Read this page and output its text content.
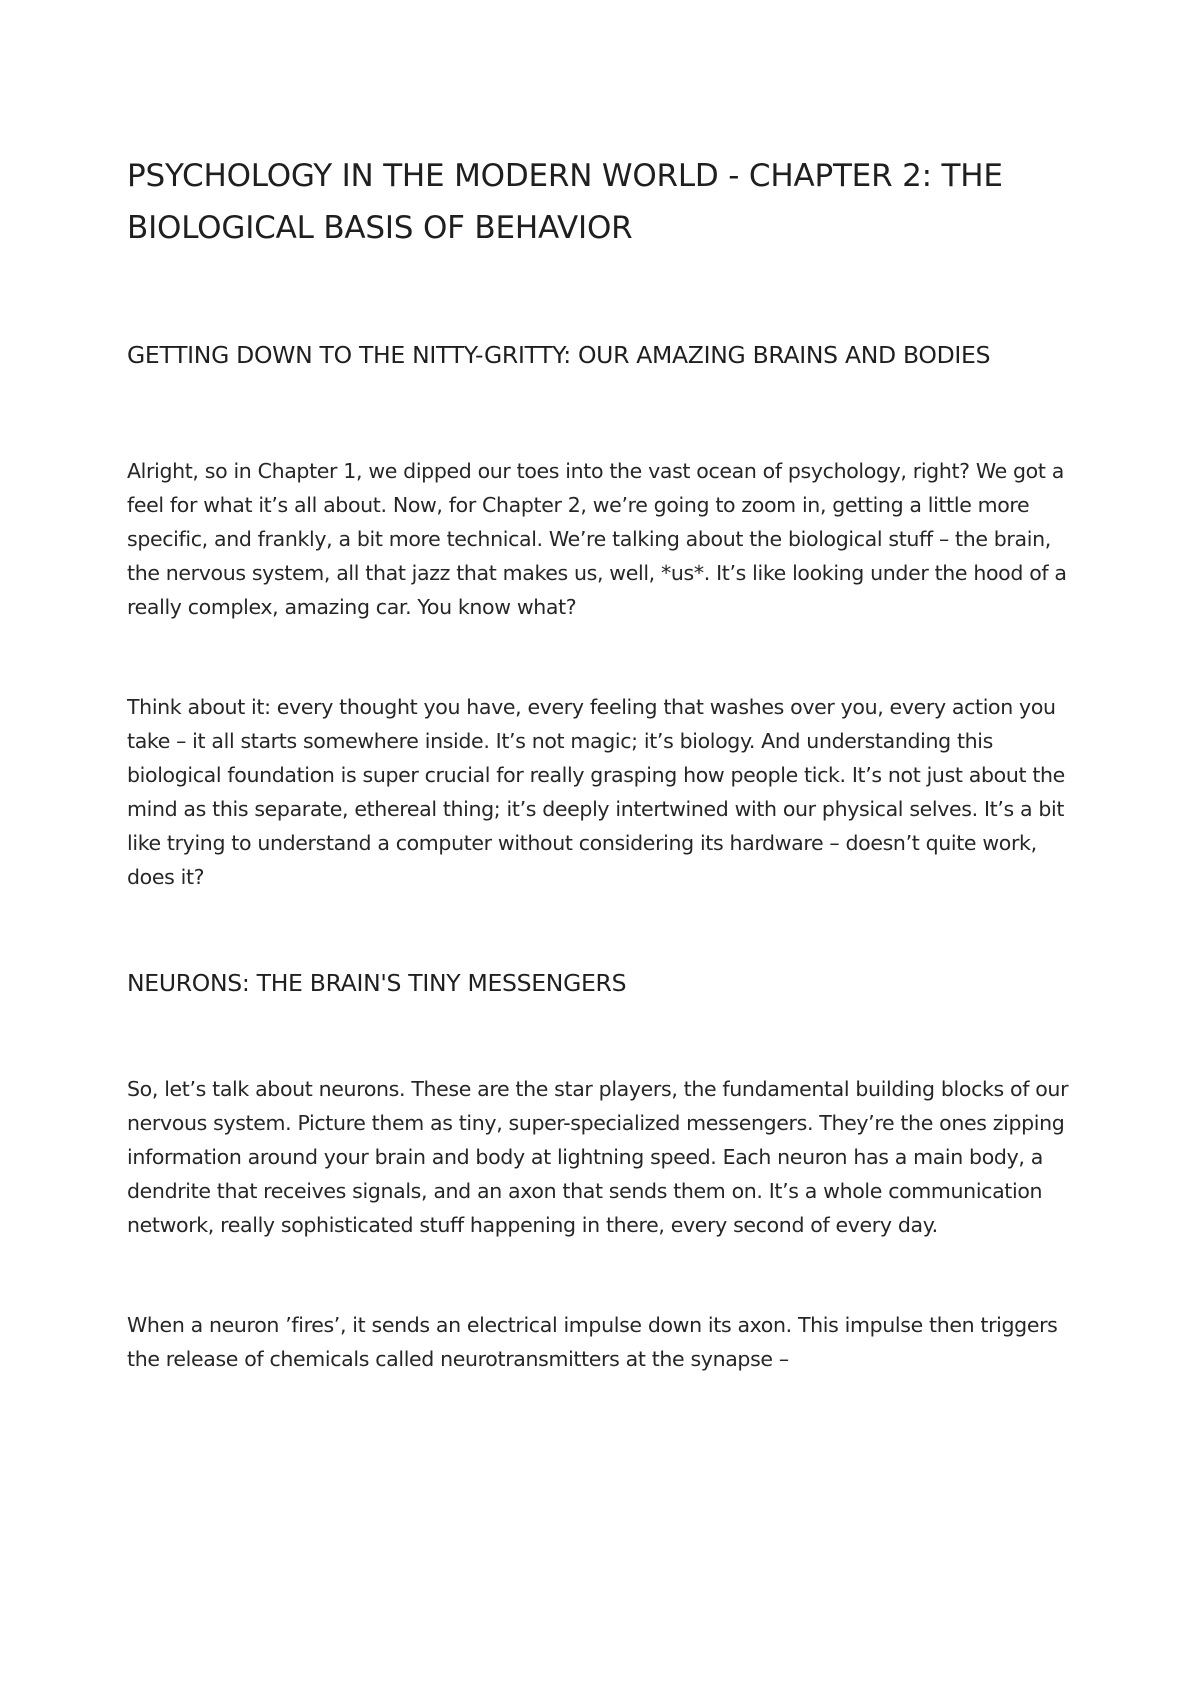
PSYCHOLOGY IN THE MODERN WORLD - CHAPTER 2: THE BIOLOGICAL BASIS OF BEHAVIOR
GETTING DOWN TO THE NITTY-GRITTY: OUR AMAZING BRAINS AND BODIES

Alright, so in Chapter 1, we dipped our toes into the vast ocean of psychology, right? We got a feel for what it’s all about. Now, for Chapter 2, we’re going to zoom in, getting a little more specific, and frankly, a bit more technical. We’re talking about the biological stuff – the brain, the nervous system, all that jazz that makes us, well, *us*. It’s like looking under the hood of a really complex, amazing car. You know what?

Think about it: every thought you have, every feeling that washes over you, every action you take – it all starts somewhere inside. It’s not magic; it’s biology. And understanding this biological foundation is super crucial for really grasping how people tick. It’s not just about the mind as this separate, ethereal thing; it’s deeply intertwined with our physical selves. It’s a bit like trying to understand a computer without considering its hardware – doesn’t quite work, does it?

NEURONS: THE BRAIN'S TINY MESSENGERS

So, let’s talk about neurons. These are the star players, the fundamental building blocks of our nervous system. Picture them as tiny, super-specialized messengers. They’re the ones zipping information around your brain and body at lightning speed. Each neuron has a main body, a dendrite that receives signals, and an axon that sends them on. It’s a whole communication network, really sophisticated stuff happening in there, every second of every day.

When a neuron ’fires’, it sends an electrical impulse down its axon. This impulse then triggers the release of chemicals called neurotransmitters at the synapse –
